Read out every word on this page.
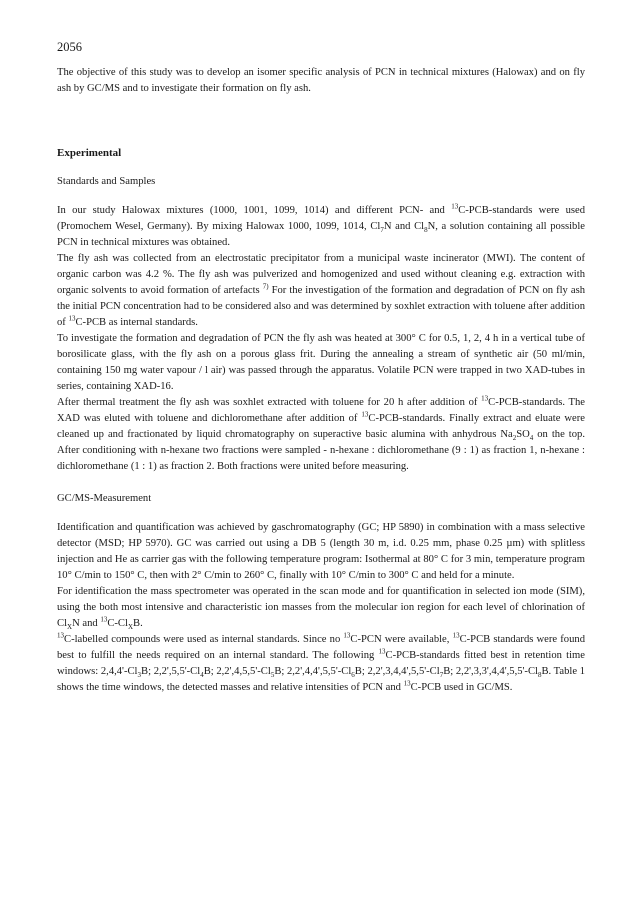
2056

The objective of this study was to develop an isomer specific analysis of PCN in technical mixtures (Halowax) and on fly ash by GC/MS and to investigate their formation on fly ash.

Experimental
Standards and Samples

In our study Halowax mixtures (1000, 1001, 1099, 1014) and different PCN- and $^{13}$C-PCB-standards were used (Promochem Wesel, Germany). By mixing Halowax 1000, 1099, 1014, $Cl_7N$ and $Cl_8N$, a solution containing all possible PCN in technical mixtures was obtained.

The fly ash was collected from an electrostatic precipitator from a municipal waste incinerator (MWI). The content of organic carbon was 4.2 %. The fly ash was pulverized and homogenized and used without cleaning e.g. extraction with organic solvents to avoid formation of artefacts $^{7)}$ For the investigation of the formation and degradation of PCN on fly ash the initial PCN concentration had to be considered also and was determined by soxhlet extraction with toluene after addition of $^{13}$C-PCB as internal standards.

To investigate the formation and degradation of PCN the fly ash was heated at 300° C for 0.5, 1, 2, 4 h in a vertical tube of borosilicate glass, with the fly ash on a porous glass frit. During the annealing a stream of synthetic air (50 ml/min, containing 150 mg water vapour / l air) was passed through the apparatus. Volatile PCN were trapped in two XAD-tubes in series, containing XAD-16.

After thermal treatment the fly ash was soxhlet extracted with toluene for 20 h after addition of $^{13}$C-PCB-standards. The XAD was eluted with toluene and dichloromethane after addition of $^{13}$C-PCB-standards. Finally extract and eluate were cleaned up and fractionated by liquid chromatography on superactive basic alumina with anhydrous $Na_2SO_4$ on the top. After conditioning with n-hexane two fractions were sampled - n-hexane : dichloromethane (9 : 1) as fraction 1, n-hexane : dichloromethane (1 : 1) as fraction 2. Both fractions were united before measuring.

GC/MS-Measurement

Identification and quantification was achieved by gaschromatography (GC; HP 5890) in combination with a mass selective detector (MSD; HP 5970). GC was carried out using a DB 5 (length 30 m, i.d. 0.25 mm, phase 0.25 µm) with splitless injection and He as carrier gas with the following temperature program: Isothermal at 80° C for 3 min, temperature program 10° C/min to 150° C, then with 2° C/min to 260° C, finally with 10° C/min to 300° C and held for a minute.

For identification the mass spectrometer was operated in the scan mode and for quantification in selected ion mode (SIM), using the both most intensive and characteristic ion masses from the molecular ion region for each level of chlorination of $Cl_XN$ and $^{13}C-Cl_XB$.

$^{13}$C-labelled compounds were used as internal standards. Since no $^{13}$C-PCN were available, $^{13}$C-PCB standards were found best to fulfill the needs required on an internal standard. The following $^{13}$C-PCB-standards fitted best in retention time windows: $2,4,4'-Cl_3B$; $2,2',5,5'-Cl_4B$; $2,2',4,5,5'-Cl_5B$; $2,2',4,4',5,5'-Cl_6B$; $2,2',3,4,4',5,5'-Cl_7B$; $2,2',3,3',4,4',5,5'-Cl_8B$. Table 1 shows the time windows, the detected masses and relative intensities of PCN and $^{13}$C-PCB used in GC/MS.
